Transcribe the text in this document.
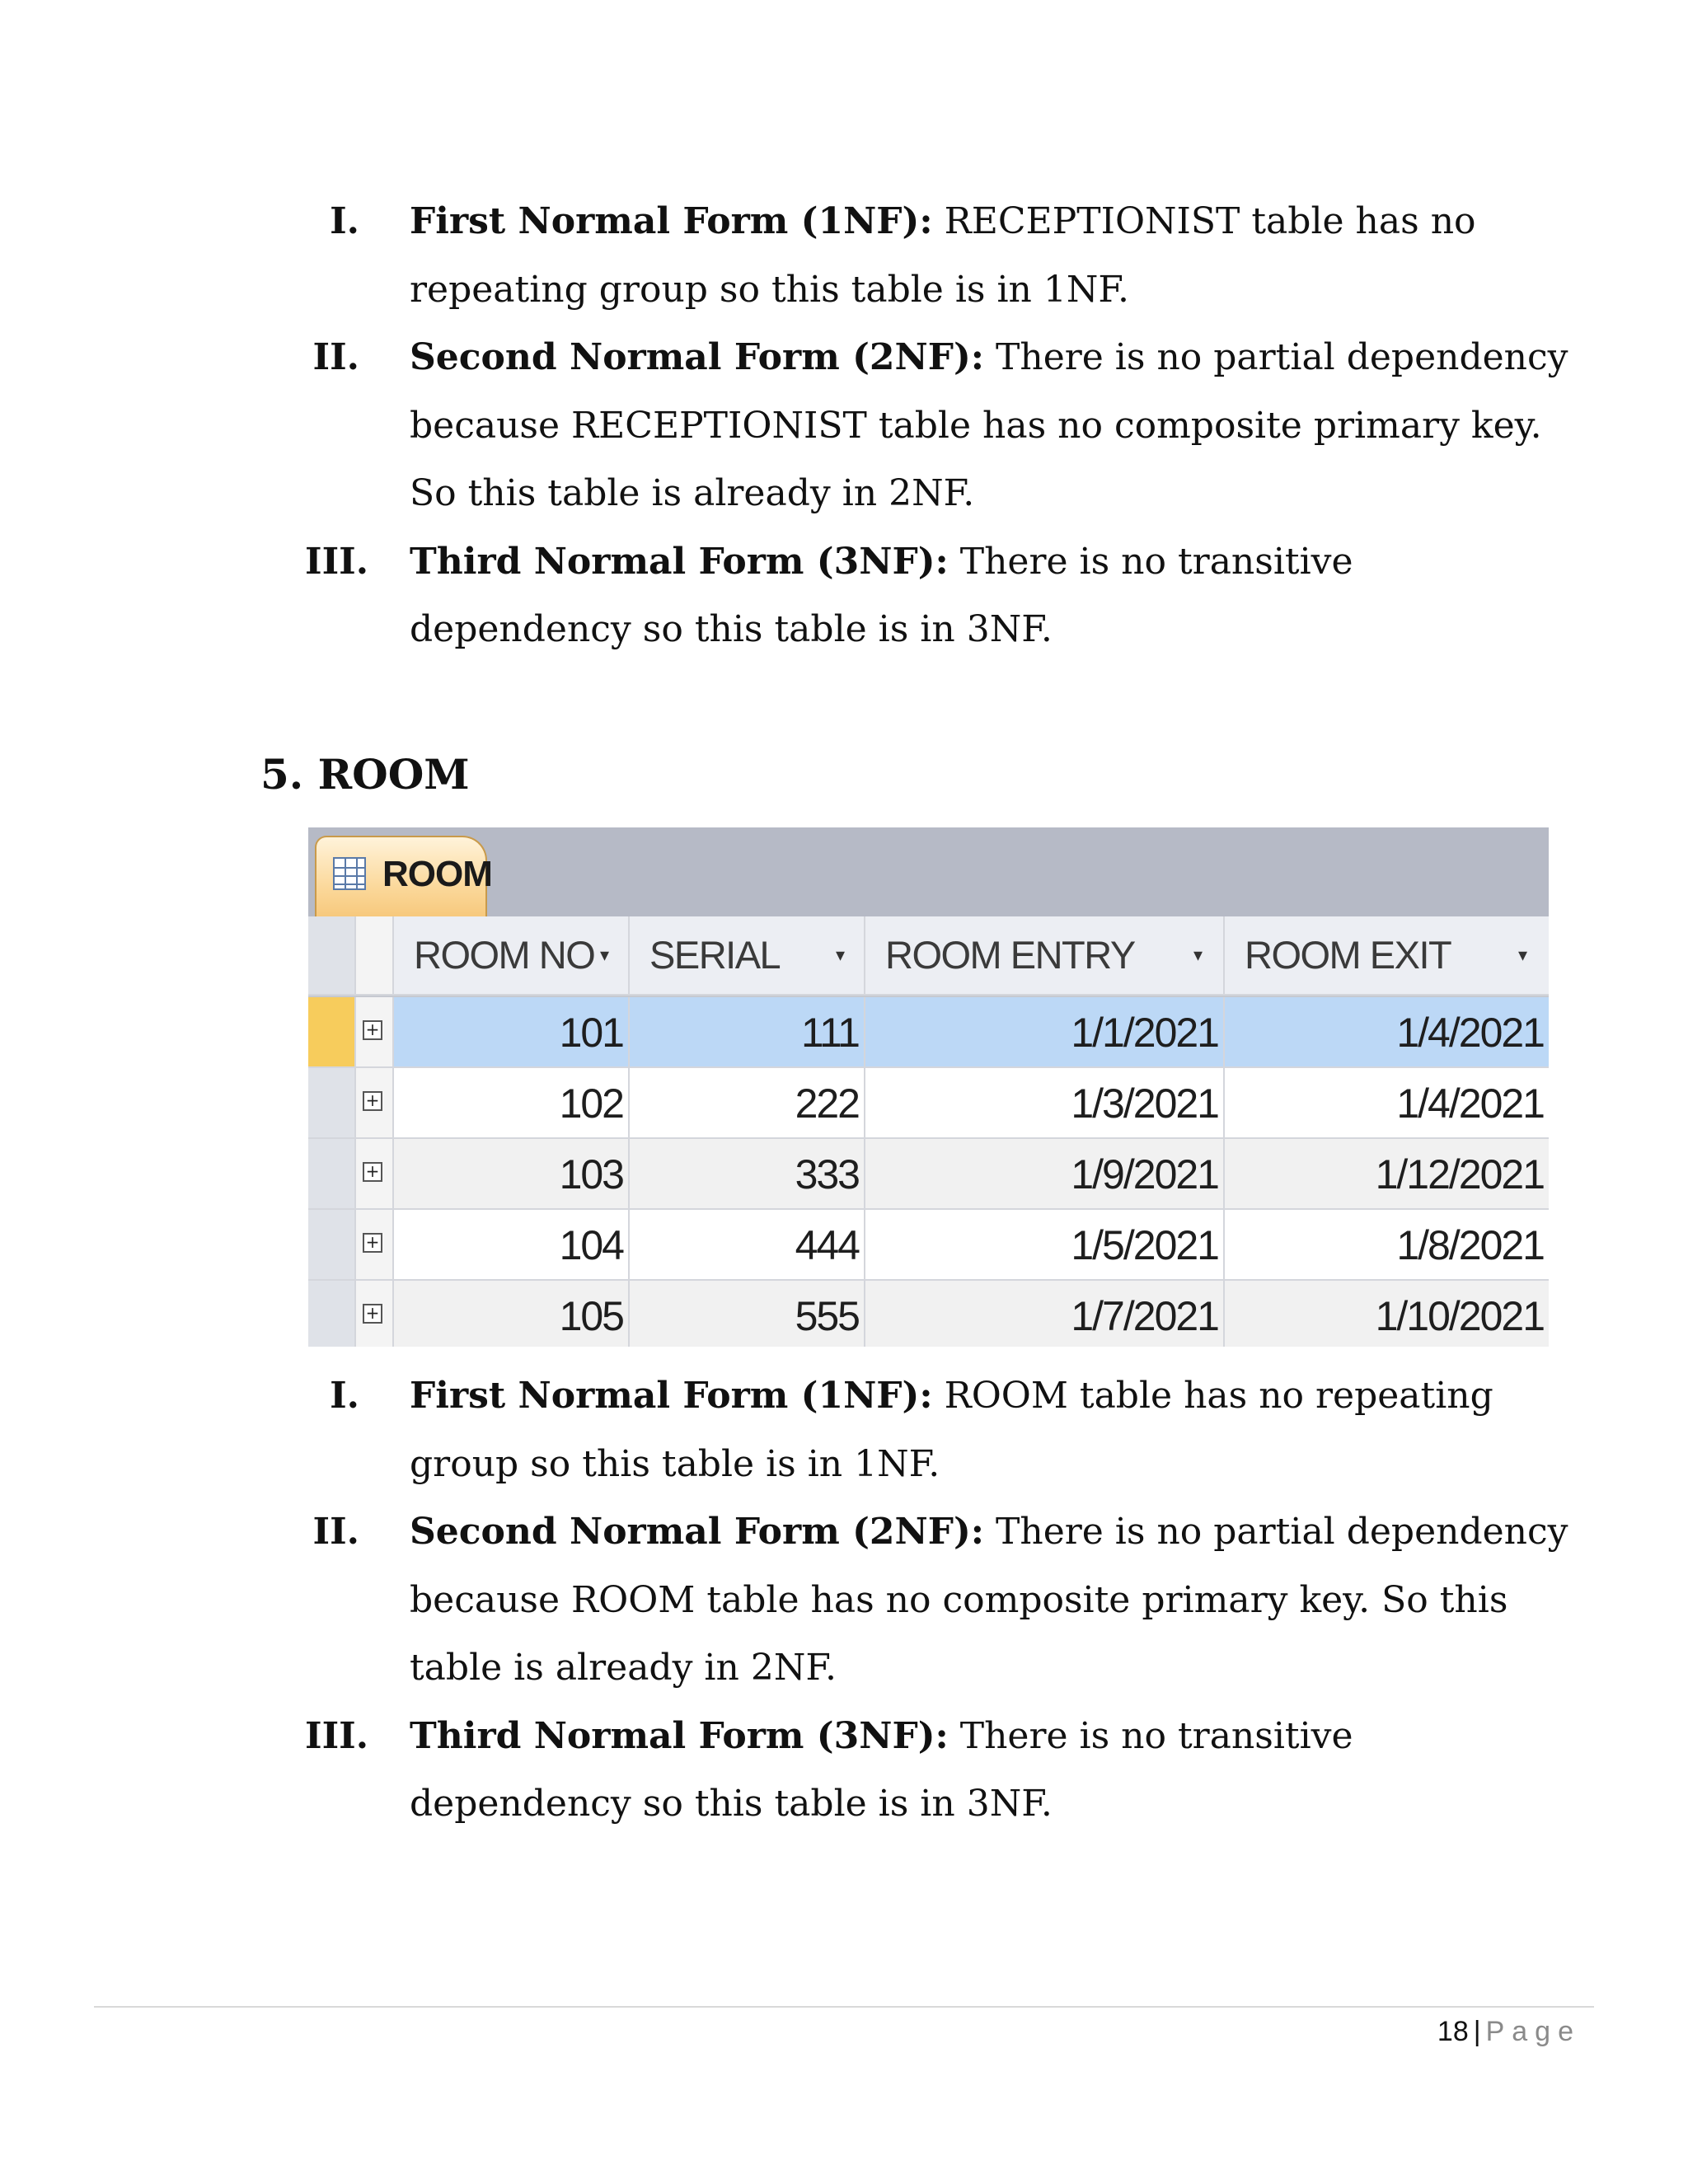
I. First Normal Form (1NF): RECEPTIONIST table has no repeating group so this table is in 1NF.
II. Second Normal Form (2NF): There is no partial dependency because RECEPTIONIST table has no composite primary key. So this table is already in 2NF.
III. Third Normal Form (3NF): There is no transitive dependency so this table is in 3NF.
5. ROOM
ROOM
ROOM NO ▾	SERIAL	▾	ROOM ENTRY	▾	ROOM EXIT	▾
+	101	111	1/1/2021	1/4/2021
+	102	222	1/3/2021	1/4/2021
+	103	333	1/9/2021	1/12/2021
+	104	444	1/5/2021	1/8/2021
+	105	555	1/7/2021	1/10/2021
I. First Normal Form (1NF): ROOM table has no repeating group so this table is in 1NF.
II. Second Normal Form (2NF): There is no partial dependency because ROOM table has no composite primary key. So this table is already in 2NF.
III. Third Normal Form (3NF): There is no transitive dependency so this table is in 3NF.
18 | Page
